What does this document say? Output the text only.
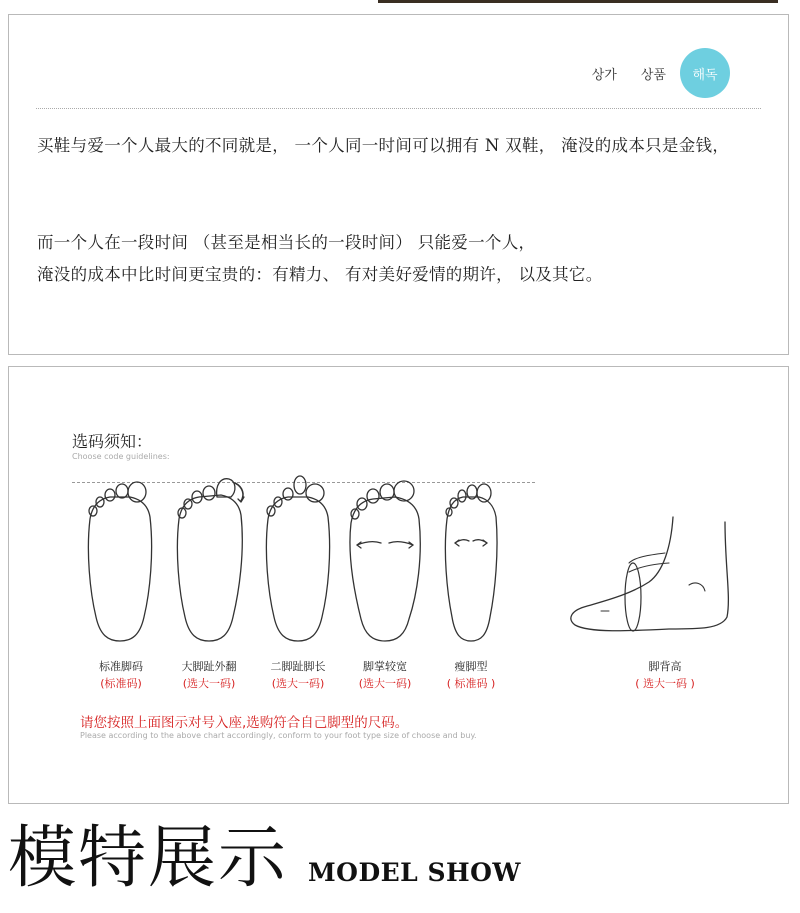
상가 상품	해독
买鞋与爱一个人最大的不同就是， 一个人同一时间可以拥有 N 双鞋， 淹没的成本只是金钱，
而一个人在一段时间 （甚至是相当长的一段时间） 只能爱一个人，
淹没的成本中比时间更宝贵的：有精力、 有对美好爱情的期许， 以及其它。
选码须知：
Choose code guidelines:
标准脚码
(标准码)
大脚趾外翻
(选大一码)
二脚趾脚长
(选大一码)
脚掌较宽
(选大一码)
瘦脚型
( 标准码 )
脚背高
( 选大一码 )
请您按照上面图示对号入座,选购符合自己脚型的尺码。
Please according to the above chart accordingly, conform to your foot type size of choose and buy.
模特展示 MODEL SHOW
